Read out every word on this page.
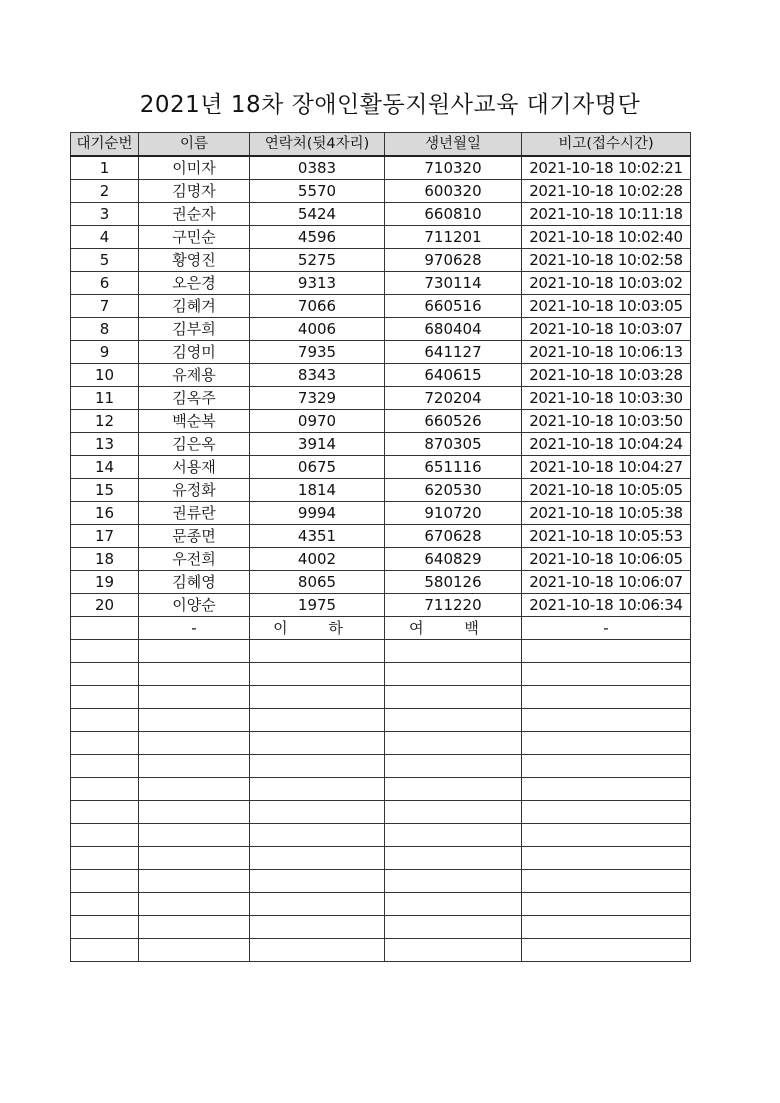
2021년 18차 장애인활동지원사교육 대기자명단
대기순번	이름	연락처(뒷4자리)	생년월일	비고(접수시간)
1	이미자	0383	710320	2021-10-18 10:02:21
2	김명자	5570	600320	2021-10-18 10:02:28
3	권순자	5424	660810	2021-10-18 10:11:18
4	구민순	4596	711201	2021-10-18 10:02:40
5	황영진	5275	970628	2021-10-18 10:02:58
6	오은경	9313	730114	2021-10-18 10:03:02
7	김혜겨	7066	660516	2021-10-18 10:03:05
8	김부희	4006	680404	2021-10-18 10:03:07
9	김영미	7935	641127	2021-10-18 10:06:13
10	유제용	8343	640615	2021-10-18 10:03:28
11	김옥주	7329	720204	2021-10-18 10:03:30
12	백순복	0970	660526	2021-10-18 10:03:50
13	김은옥	3914	870305	2021-10-18 10:04:24
14	서용재	0675	651116	2021-10-18 10:04:27
15	유정화	1814	620530	2021-10-18 10:05:05
16	권류란	9994	910720	2021-10-18 10:05:38
17	문종면	4351	670628	2021-10-18 10:05:53
18	우전희	4002	640829	2021-10-18 10:06:05
19	김혜영	8065	580126	2021-10-18 10:06:07
20	이양순	1975	711220	2021-10-18 10:06:34
	-	이 하	여 백	-
